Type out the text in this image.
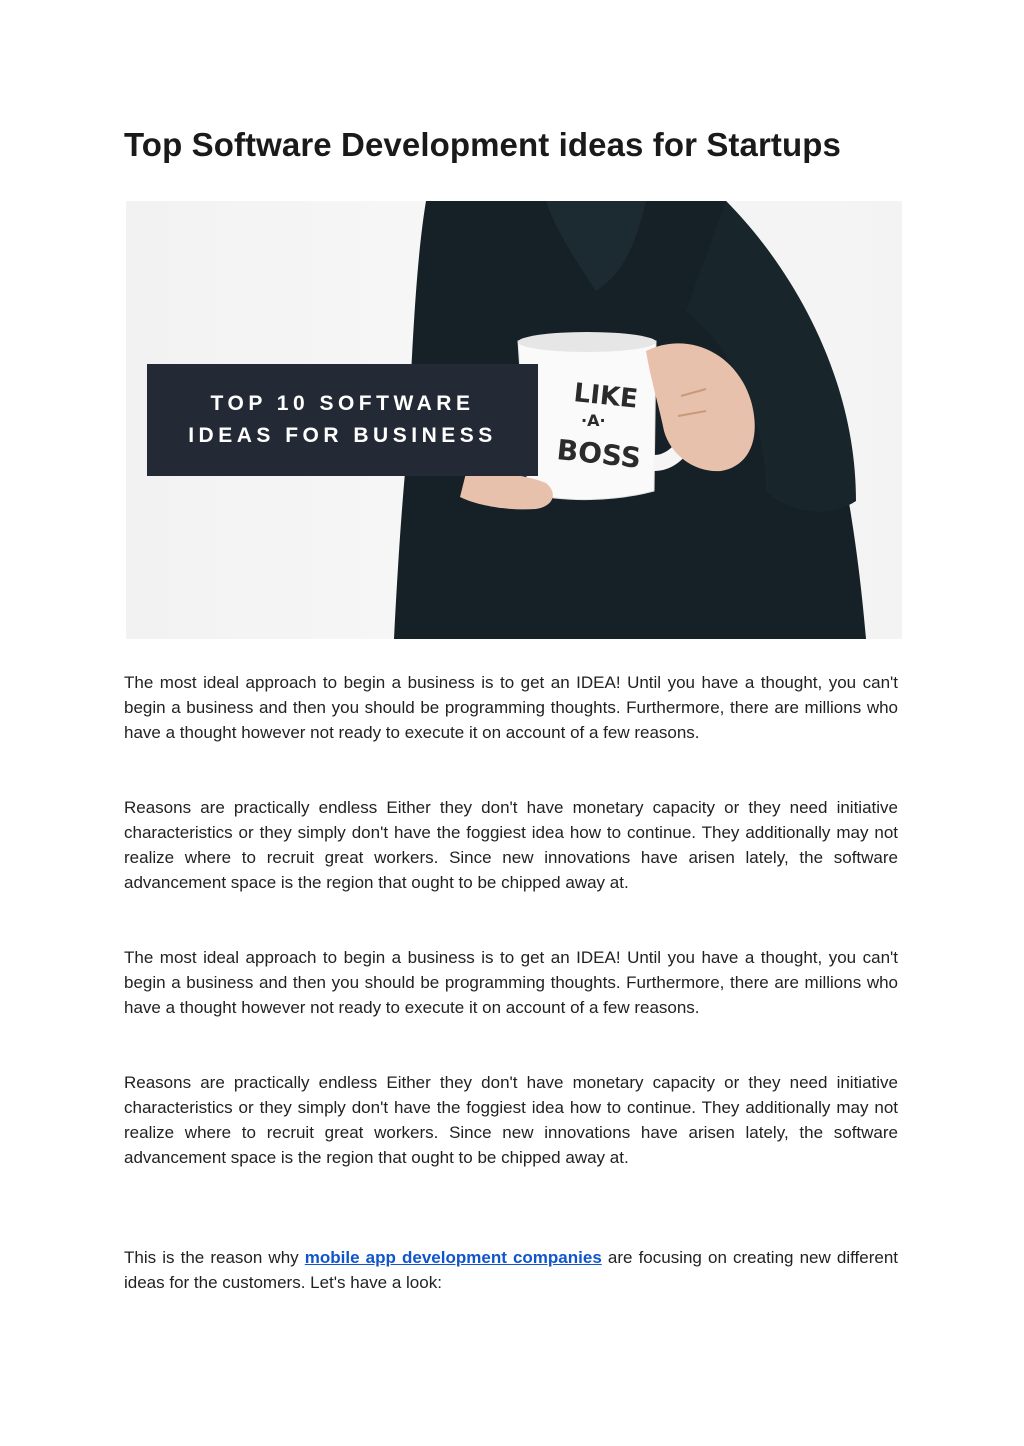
Top Software Development ideas for Startups
LIKE
·A·
BOSS
TOP 10 SOFTWARE
IDEAS FOR BUSINESS

The most ideal approach to begin a business is to get an IDEA! Until you have a thought, you can't begin a business and then you should be programming thoughts. Furthermore, there are millions who have a thought however not ready to execute it on account of a few reasons.

Reasons are practically endless Either they don't have monetary capacity or they need initiative characteristics or they simply don't have the foggiest idea how to continue. They additionally may not realize where to recruit great workers. Since new innovations have arisen lately, the software advancement space is the region that ought to be chipped away at.

The most ideal approach to begin a business is to get an IDEA! Until you have a thought, you can't begin a business and then you should be programming thoughts. Furthermore, there are millions who have a thought however not ready to execute it on account of a few reasons.

Reasons are practically endless Either they don't have monetary capacity or they need initiative characteristics or they simply don't have the foggiest idea how to continue. They additionally may not realize where to recruit great workers. Since new innovations have arisen lately, the software advancement space is the region that ought to be chipped away at.

This is the reason why mobile app development companies are focusing on creating new different ideas for the customers. Let's have a look:
